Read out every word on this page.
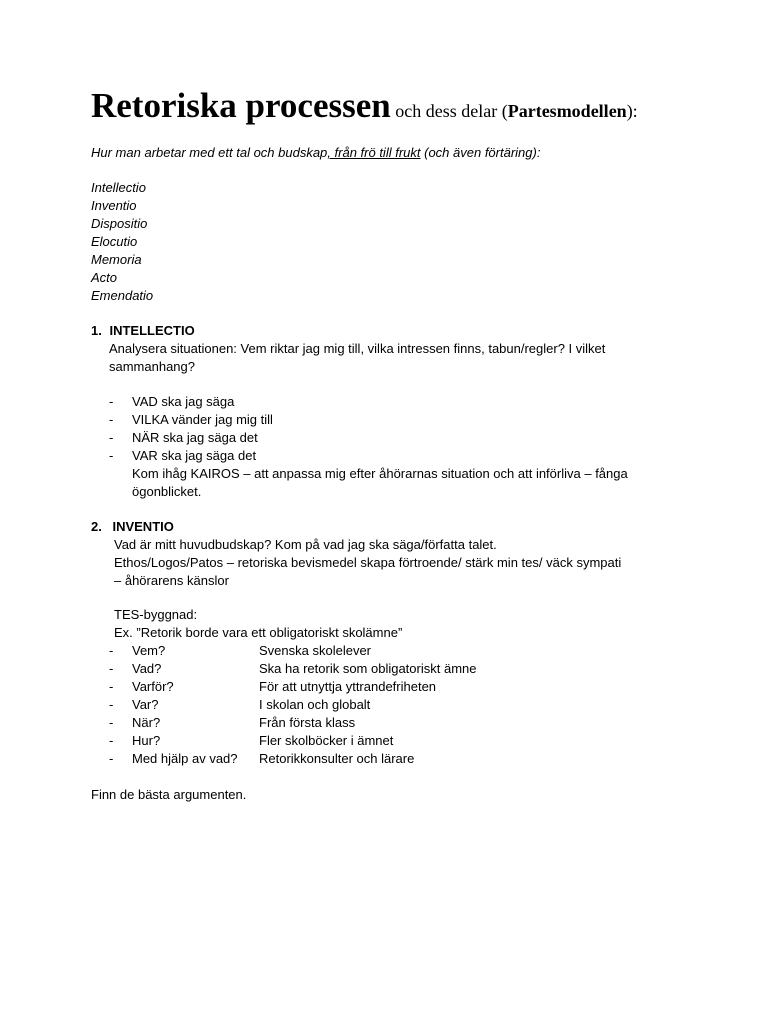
Retoriska processen och dess delar (Partesmodellen):
Hur man arbetar med ett tal och budskap, från frö till frukt (och även förtäring):
Intellectio
Inventio
Dispositio
Elocutio
Memoria
Acto
Emendatio
1. INTELLECTIO
Analysera situationen: Vem riktar jag mig till, vilka intressen finns, tabun/regler? I vilket
sammanhang?
- VAD ska jag säga
- VILKA vänder jag mig till
- NÄR ska jag säga det
- VAR ska jag säga det
Kom ihåg KAIROS – att anpassa mig efter åhörarnas situation och att införliva – fånga
ögonblicket.
2. INVENTIO
Vad är mitt huvudbudskap? Kom på vad jag ska säga/författa talet.
Ethos/Logos/Patos – retoriska bevismedel skapa förtroende/ stärk min tes/ väck sympati
– åhörarens känslor
TES-byggnad:
Ex. ”Retorik borde vara ett obligatoriskt skolämne”
- Vem?	Svenska skolelever
- Vad?	Ska ha retorik som obligatoriskt ämne
- Varför?	För att utnyttja yttrandefriheten
- Var?	I skolan och globalt
- När?	Från första klass
- Hur?	Fler skolböcker i ämnet
- Med hjälp av vad? Retorikkonsulter och lärare
Finn de bästa argumenten.
